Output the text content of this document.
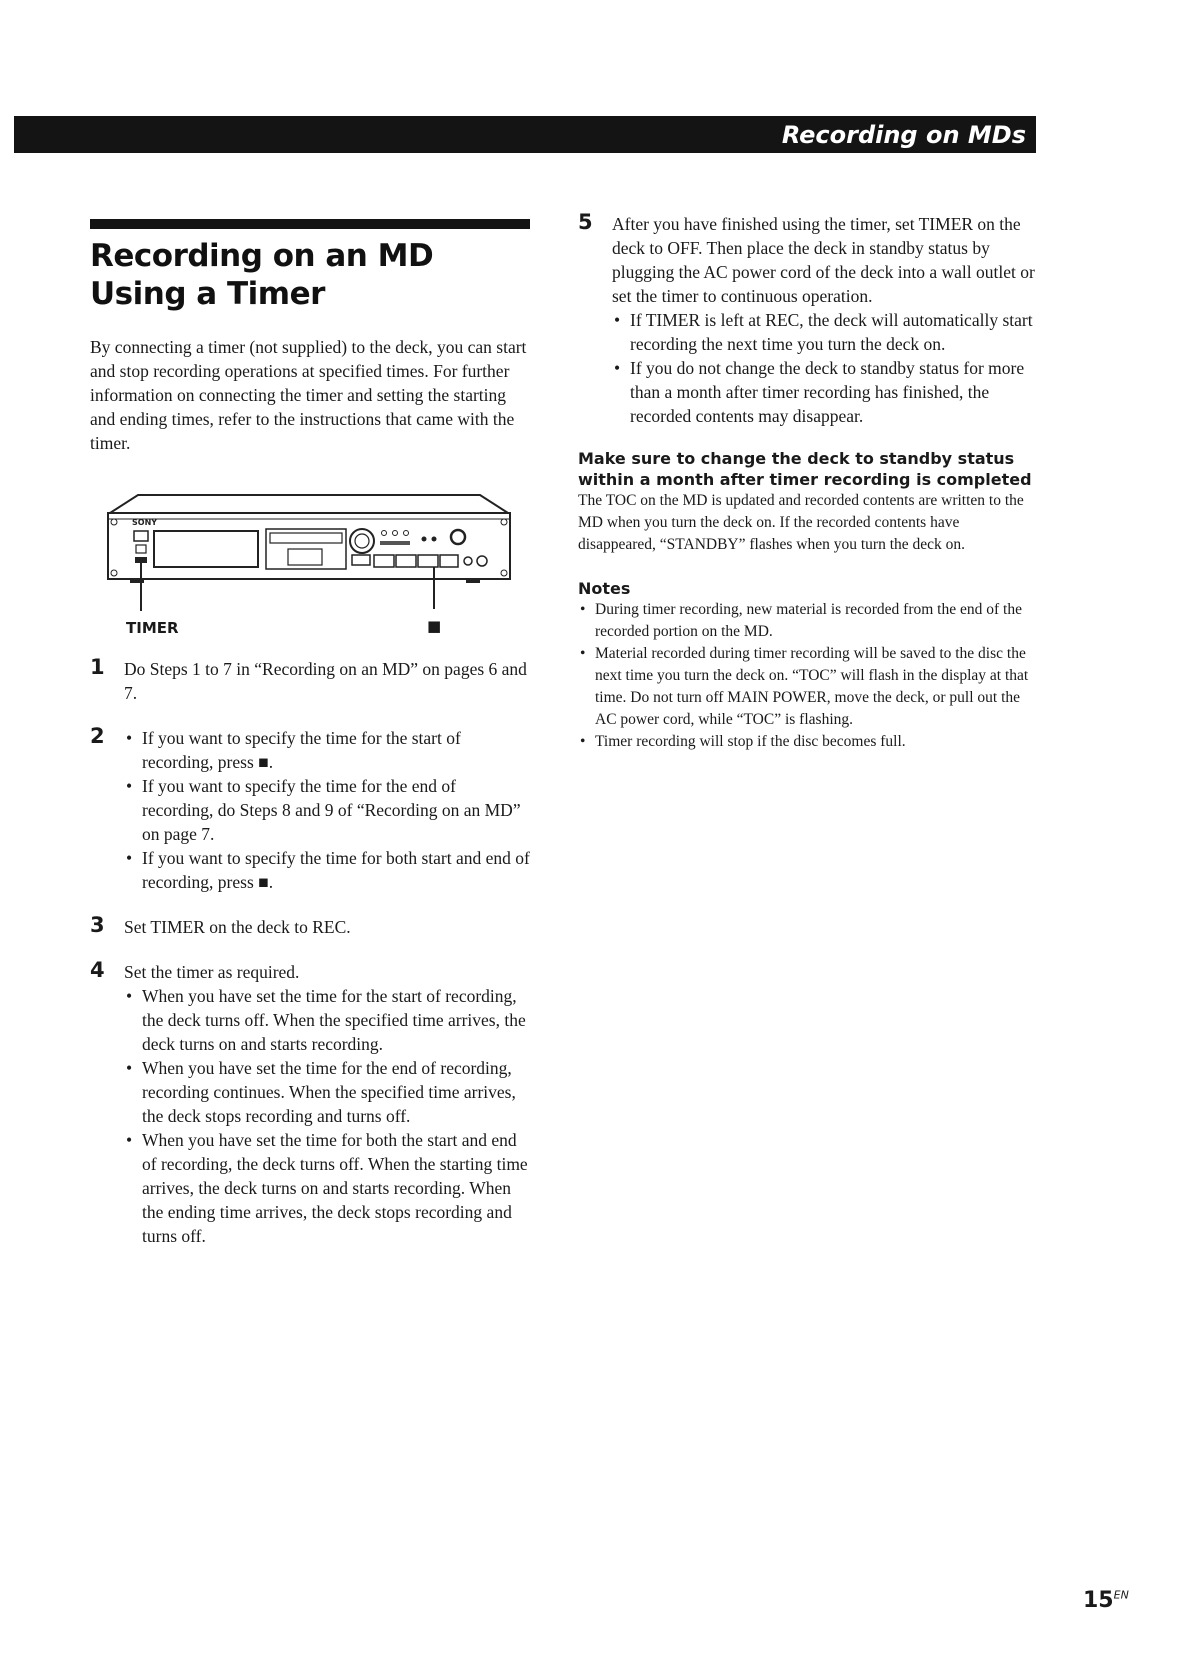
Recording on MDs
Recording on an MD Using a Timer
By connecting a timer (not supplied) to the deck, you can start and stop recording operations at specified times. For further information on connecting the timer and setting the starting and ending times, refer to the instructions that came with the timer.
SONY
TIMER	■
1 Do Steps 1 to 7 in “Recording on an MD” on pages 6 and 7.
2
•	If you want to specify the time for the start of recording, press ■.
• If you want to specify the time for the end of recording, do Steps 8 and 9 of “Recording on an MD” on page 7.
• If you want to specify the time for both start and end of recording, press ■.
3 Set TIMER on the deck to REC.
4 Set the timer as required.
• When you have set the time for the start of recording, the deck turns off. When the specified time arrives, the deck turns on and starts recording.
• When you have set the time for the end of recording, recording continues. When the specified time arrives, the deck stops recording and turns off.
• When you have set the time for both the start and end of recording, the deck turns off. When the starting time arrives, the deck turns on and starts recording. When the ending time arrives, the deck stops recording and turns off.
5 After you have finished using the timer, set TIMER on the deck to OFF. Then place the deck in standby status by plugging the AC power cord of the deck into a wall outlet or set the timer to continuous operation.
• If TIMER is left at REC, the deck will automatically start recording the next time you turn the deck on.
• If you do not change the deck to standby status for more than a month after timer recording has finished, the recorded contents may disappear.
Make sure to change the deck to standby status within a month after timer recording is completed
The TOC on the MD is updated and recorded contents are written to the MD when you turn the deck on. If the recorded contents have disappeared, “STANDBY” flashes when you turn the deck on.
Notes
• During timer recording, new material is recorded from the end of the recorded portion on the MD.
• Material recorded during timer recording will be saved to the disc the next time you turn the deck on. “TOC” will flash in the display at that time. Do not turn off MAIN POWER, move the deck, or pull out the AC power cord, while “TOC” is flashing.
• Timer recording will stop if the disc becomes full.
$15^{EN}$
